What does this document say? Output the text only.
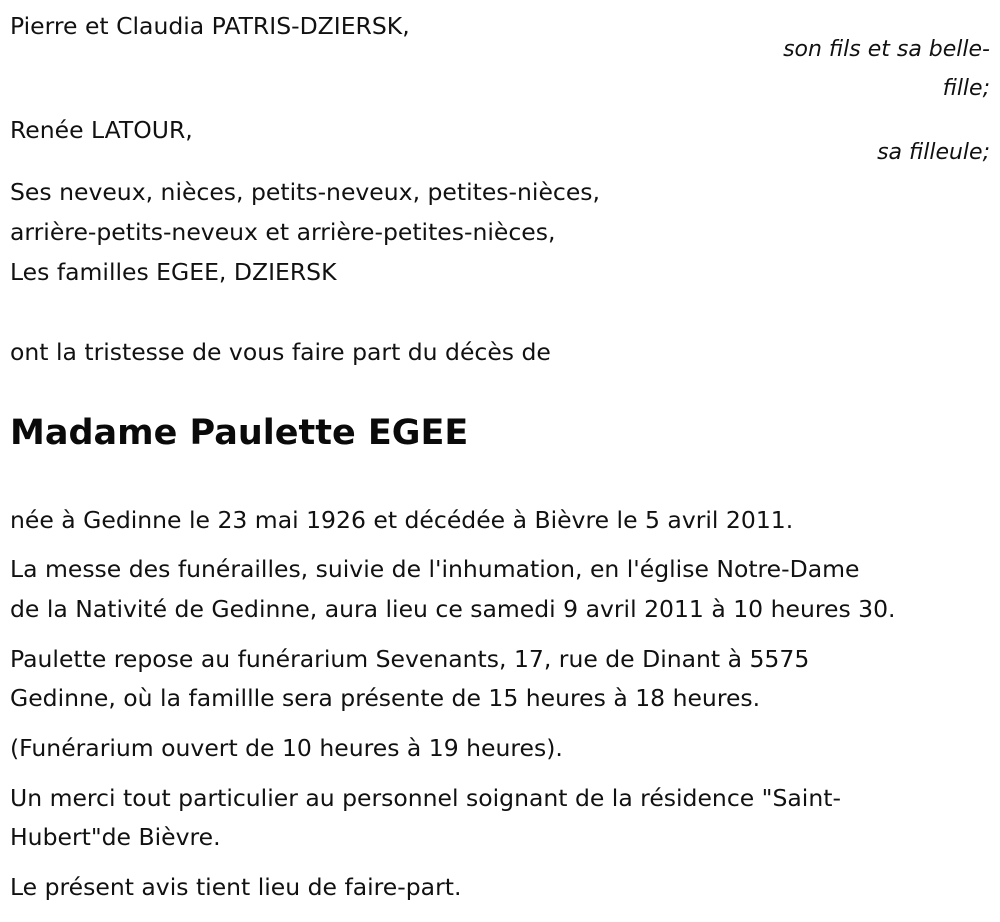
Pierre et Claudia PATRIS-DZIERSK,
son fils et sa belle-
fille;
Renée LATOUR,
sa filleule;
Ses neveux, nièces, petits-neveux, petites-nièces,
arrière-petits-neveux et arrière-petites-nièces,
Les familles EGEE, DZIERSK
ont la tristesse de vous faire part du décès de
Madame Paulette EGEE
née à Gedinne le 23 mai 1926 et décédée à Bièvre le 5 avril 2011.
La messe des funérailles, suivie de l'inhumation, en l'église Notre-Dame
de la Nativité de Gedinne, aura lieu ce samedi 9 avril 2011 à 10 heures 30.
Paulette repose au funérarium Sevenants, 17, rue de Dinant à 5575
Gedinne, où la famillle sera présente de 15 heures à 18 heures.
(Funérarium ouvert de 10 heures à 19 heures).
Un merci tout particulier au personnel soignant de la résidence "Saint-
Hubert"de Bièvre.
Le présent avis tient lieu de faire-part.
